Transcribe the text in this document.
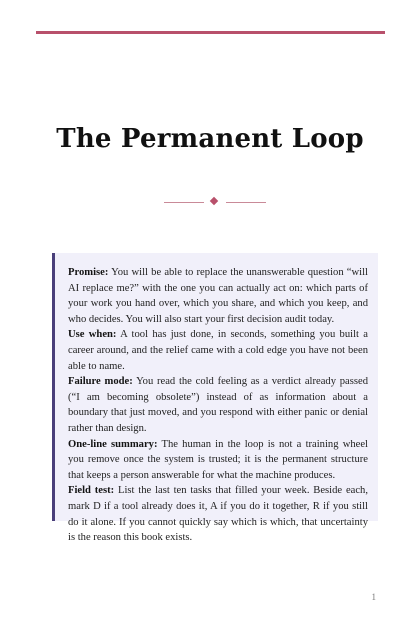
The Permanent Loop

Promise: You will be able to replace the unanswerable question “will AI replace me?” with the one you can actually act on: which parts of your work you hand over, which you share, and which you keep, and who decides. You will also start your first decision audit today.

Use when: A tool has just done, in seconds, something you built a career around, and the relief came with a cold edge you have not been able to name.

Failure mode: You read the cold feeling as a verdict already passed (“I am becoming obsolete”) instead of as information about a boundary that just moved, and you respond with either panic or denial rather than design.

One-line summary: The human in the loop is not a training wheel you remove once the system is trusted; it is the permanent structure that keeps a person answerable for what the machine produces.

Field test: List the last ten tasks that filled your week. Beside each, mark D if a tool already does it, A if you do it together, R if you still do it alone. If you cannot quickly say which is which, that uncertainty is the reason this book exists.

1
